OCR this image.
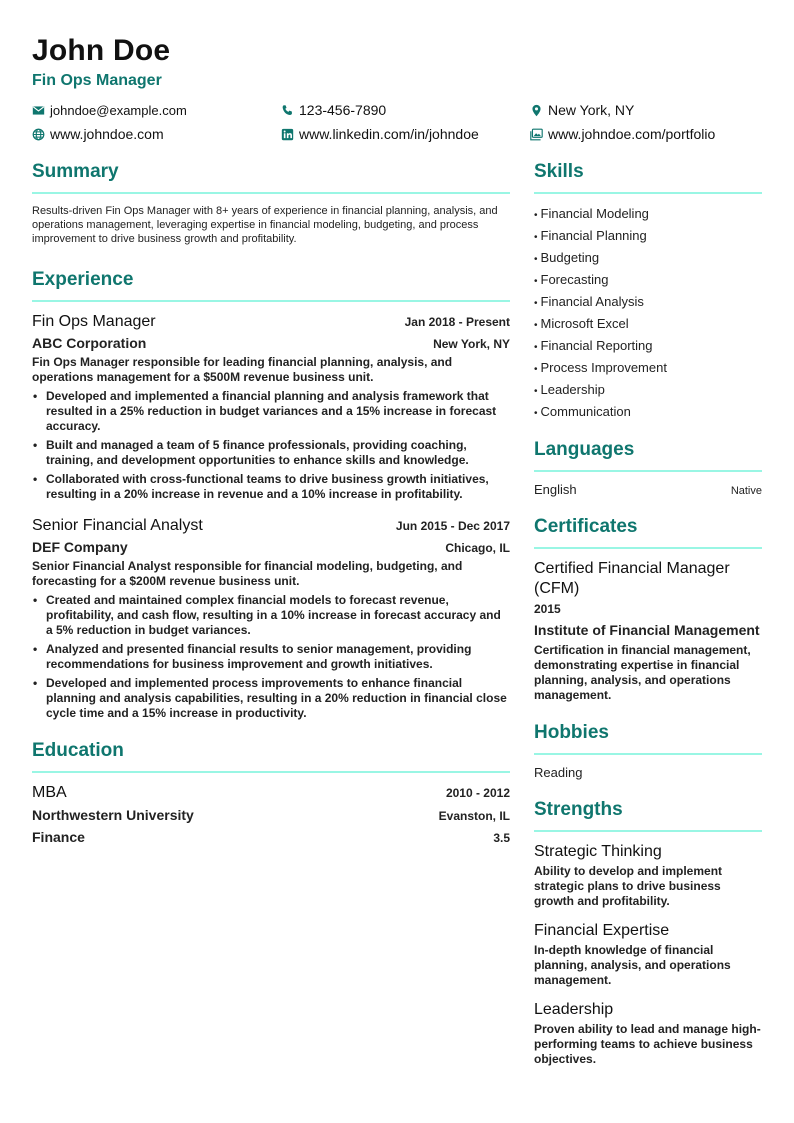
John Doe
Fin Ops Manager
johndoe@example.com	123-456-7890	New York, NY
www.johndoe.com	www.linkedin.com/in/johndoe	www.johndoe.com/portfolio
Summary
Results-driven Fin Ops Manager with 8+ years of experience in financial planning, analysis, and operations management, leveraging expertise in financial modeling, budgeting, and process improvement to drive business growth and profitability.
Experience
Fin Ops Manager	Jan 2018 - Present
ABC Corporation	New York, NY
Fin Ops Manager responsible for leading financial planning, analysis, and operations management for a $500M revenue business unit.
• Developed and implemented a financial planning and analysis framework that resulted in a 25% reduction in budget variances and a 15% increase in forecast accuracy.
• Built and managed a team of 5 finance professionals, providing coaching, training, and development opportunities to enhance skills and knowledge.
• Collaborated with cross-functional teams to drive business growth initiatives, resulting in a 20% increase in revenue and a 10% increase in profitability.
Senior Financial Analyst	Jun 2015 - Dec 2017
DEF Company	Chicago, IL
Senior Financial Analyst responsible for financial modeling, budgeting, and forecasting for a $200M revenue business unit.
• Created and maintained complex financial models to forecast revenue, profitability, and cash flow, resulting in a 10% increase in forecast accuracy and a 5% reduction in budget variances.
• Analyzed and presented financial results to senior management, providing recommendations for business improvement and growth initiatives.
• Developed and implemented process improvements to enhance financial planning and analysis capabilities, resulting in a 20% reduction in financial close cycle time and a 15% increase in productivity.
Education
MBA	2010 - 2012
Northwestern University	Evanston, IL
Finance	3.5
Skills
• Financial Modeling
• Financial Planning
• Budgeting
• Forecasting
• Financial Analysis
• Microsoft Excel
• Financial Reporting
• Process Improvement
• Leadership
• Communication
Languages
English	Native
Certificates
Certified Financial Manager (CFM)
2015
Institute of Financial Management
Certification in financial management, demonstrating expertise in financial planning, analysis, and operations management.
Hobbies
Reading
Strengths
Strategic Thinking
Ability to develop and implement strategic plans to drive business growth and profitability.
Financial Expertise
In-depth knowledge of financial planning, analysis, and operations management.
Leadership
Proven ability to lead and manage high-performing teams to achieve business objectives.
